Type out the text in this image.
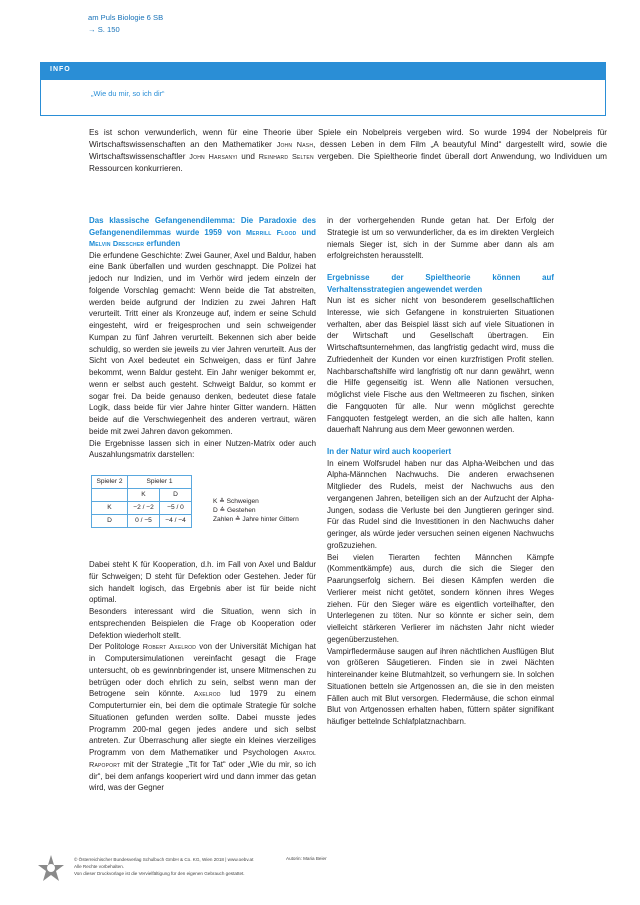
am Puls Biologie 6 SB
→ S. 150
INFO
„Wie du mir, so ich dir“

Es ist schon verwunderlich, wenn für eine Theorie über Spiele ein Nobelpreis vergeben wird. So wurde 1994 der Nobelpreis für Wirtschaftswissenschaften an den Mathematiker John Nash, dessen Leben in dem Film „A beautyful Mind“ dargestellt wird, sowie die Wirtschaftswissenschaftler John Harsanyi und Reinhard Selten vergeben. Die Spieltheorie findet überall dort Anwendung, wo Individuen um Ressourcen konkurrieren.

Das klassische Gefangenendilemma: Die Paradoxie des Gefangenendilemmas wurde 1959 von Merrill Flood und Melvin Drescher erfunden

Die erfundene Geschichte: Zwei Gauner, Axel und Baldur, haben eine Bank überfallen und wurden geschnappt. Die Polizei hat jedoch nur Indizien, und im Verhör wird jedem einzeln der folgende Vorschlag gemacht: Wenn beide die Tat abstreiten, werden beide aufgrund der Indizien zu zwei Jahren Haft verurteilt. Tritt einer als Kronzeuge auf, indem er seine Schuld eingesteht, wird er freigesprochen und sein schweigender Kumpan zu fünf Jahren verurteilt. Bekennen sich aber beide schuldig, so werden sie jeweils zu vier Jahren verurteilt. Aus der Sicht von Axel bedeutet ein Schweigen, dass er fünf Jahre bekommt, wenn Baldur gesteht. Ein Jahr weniger bekommt er, wenn er selbst auch gesteht. Schweigt Baldur, so kommt er sogar frei. Da beide genauso denken, bedeutet diese fatale Logik, dass beide für vier Jahre hinter Gitter wandern. Hätten beide auf die Verschwiegenheit des anderen vertraut, wären beide mit zwei Jahren davon gekommen.

Die Ergebnisse lassen sich in einer Nutzen-Matrix oder auch Auszahlungsmatrix darstellen:

Spieler 2	Spieler 1	
	K	D
K	−2 / −2	−5 / 0
D	0 / −5	−4 / −4
K ≙ Schweigen
D ≙ Gestehen
Zahlen ≙ Jahre hinter Gittern

Dabei steht K für Kooperation, d.h. im Fall von Axel und Baldur für Schweigen; D steht für Defektion oder Gestehen. Jeder für sich handelt logisch, das Ergebnis aber ist für beide nicht optimal.

Besonders interessant wird die Situation, wenn sich in entsprechenden Beispielen die Frage ob Kooperation oder Defektion wiederholt stellt.

Der Politologe Robert Axelrod von der Universität Michigan hat in Computersimulationen vereinfacht gesagt die Frage untersucht, ob es gewinnbringender ist, unsere Mitmenschen zu betrügen oder doch ehrlich zu sein, selbst wenn man der Betrogene sein könnte. Axelrod lud 1979 zu einem Computerturnier ein, bei dem die optimale Strategie für solche Situationen gefunden werden sollte. Dabei musste jedes Programm 200-mal gegen jedes andere und sich selbst antreten. Zur Überraschung aller siegte ein kleines vierzeiliges Programm von dem Mathematiker und Psychologen Anatol Rapoport mit der Strategie „Tit for Tat“ oder „Wie du mir, so ich dir“, bei dem anfangs kooperiert wird und dann immer das getan wird, was der Gegner

in der vorhergehenden Runde getan hat. Der Erfolg der Strategie ist um so verwunderlicher, da es im direkten Vergleich niemals Sieger ist, sich in der Summe aber dann als am erfolgreichsten herausstellt.

Ergebnisse der Spieltheorie können auf Verhaltensstrategien angewendet werden

Nun ist es sicher nicht von besonderem gesellschaftlichen Interesse, wie sich Gefangene in konstruierten Situationen verhalten, aber das Beispiel lässt sich auf viele Situationen in der Wirtschaft und Gesellschaft übertragen. Ein Wirtschaftsunternehmen, das langfristig gedacht wird, muss die Zufriedenheit der Kunden vor einen kurzfristigen Profit stellen. Nachbarschaftshilfe wird langfristig oft nur dann gewährt, wenn die Hilfe gegenseitig ist. Wenn alle Nationen versuchen, möglichst viele Fische aus den Weltmeeren zu fischen, sinken die Fangquoten für alle. Nur wenn möglichst gerechte Fangquoten festgelegt werden, an die sich alle halten, kann dauerhaft Nahrung aus dem Meer gewonnen werden.

In der Natur wird auch kooperiert

In einem Wolfsrudel haben nur das Alpha-Weibchen und das Alpha-Männchen Nachwuchs. Die anderen erwachsenen Mitglieder des Rudels, meist der Nachwuchs aus den vergangenen Jahren, beteiligen sich an der Aufzucht der Alpha-Jungen, sodass die Verluste bei den Jungtieren geringer sind. Für das Rudel sind die Investitionen in den Nachwuchs daher geringer, als würde jeder versuchen seinen eigenen Nachwuchs großzuziehen.

Bei vielen Tierarten fechten Männchen Kämpfe (Kommentkämpfe) aus, durch die sich die Sieger den Paarungserfolg sichern. Bei diesen Kämpfen werden die Verlierer meist nicht getötet, sondern können ihres Weges ziehen. Für den Sieger wäre es eigentlich vorteilhafter, den Unterlegenen zu töten. Nur so könnte er sicher sein, dem vielleicht stärkeren Verlierer im nächsten Jahr nicht wieder gegenüberzustehen.

Vampirfledermäuse saugen auf ihren nächtlichen Ausflügen Blut von größeren Säugetieren. Finden sie in zwei Nächten hintereinander keine Blutmahlzeit, so verhungern sie. In solchen Situationen betteln sie Artgenossen an, die sie in den meisten Fällen auch mit Blut versorgen. Fledermäuse, die schon einmal Blut von Artgenossen erhalten haben, füttern später signifikant häufiger bettelnde Schlafplatznachbarn.

© Österreichischer Bundesverlag Schulbuch GmbH & Co. KG, Wien 2018 | www.oebv.at
Alle Rechte vorbehalten.
Von dieser Druckvorlage ist die Vervielfältigung für den eigenen Gebrauch gestattet.
Autorin: Maria Beier
